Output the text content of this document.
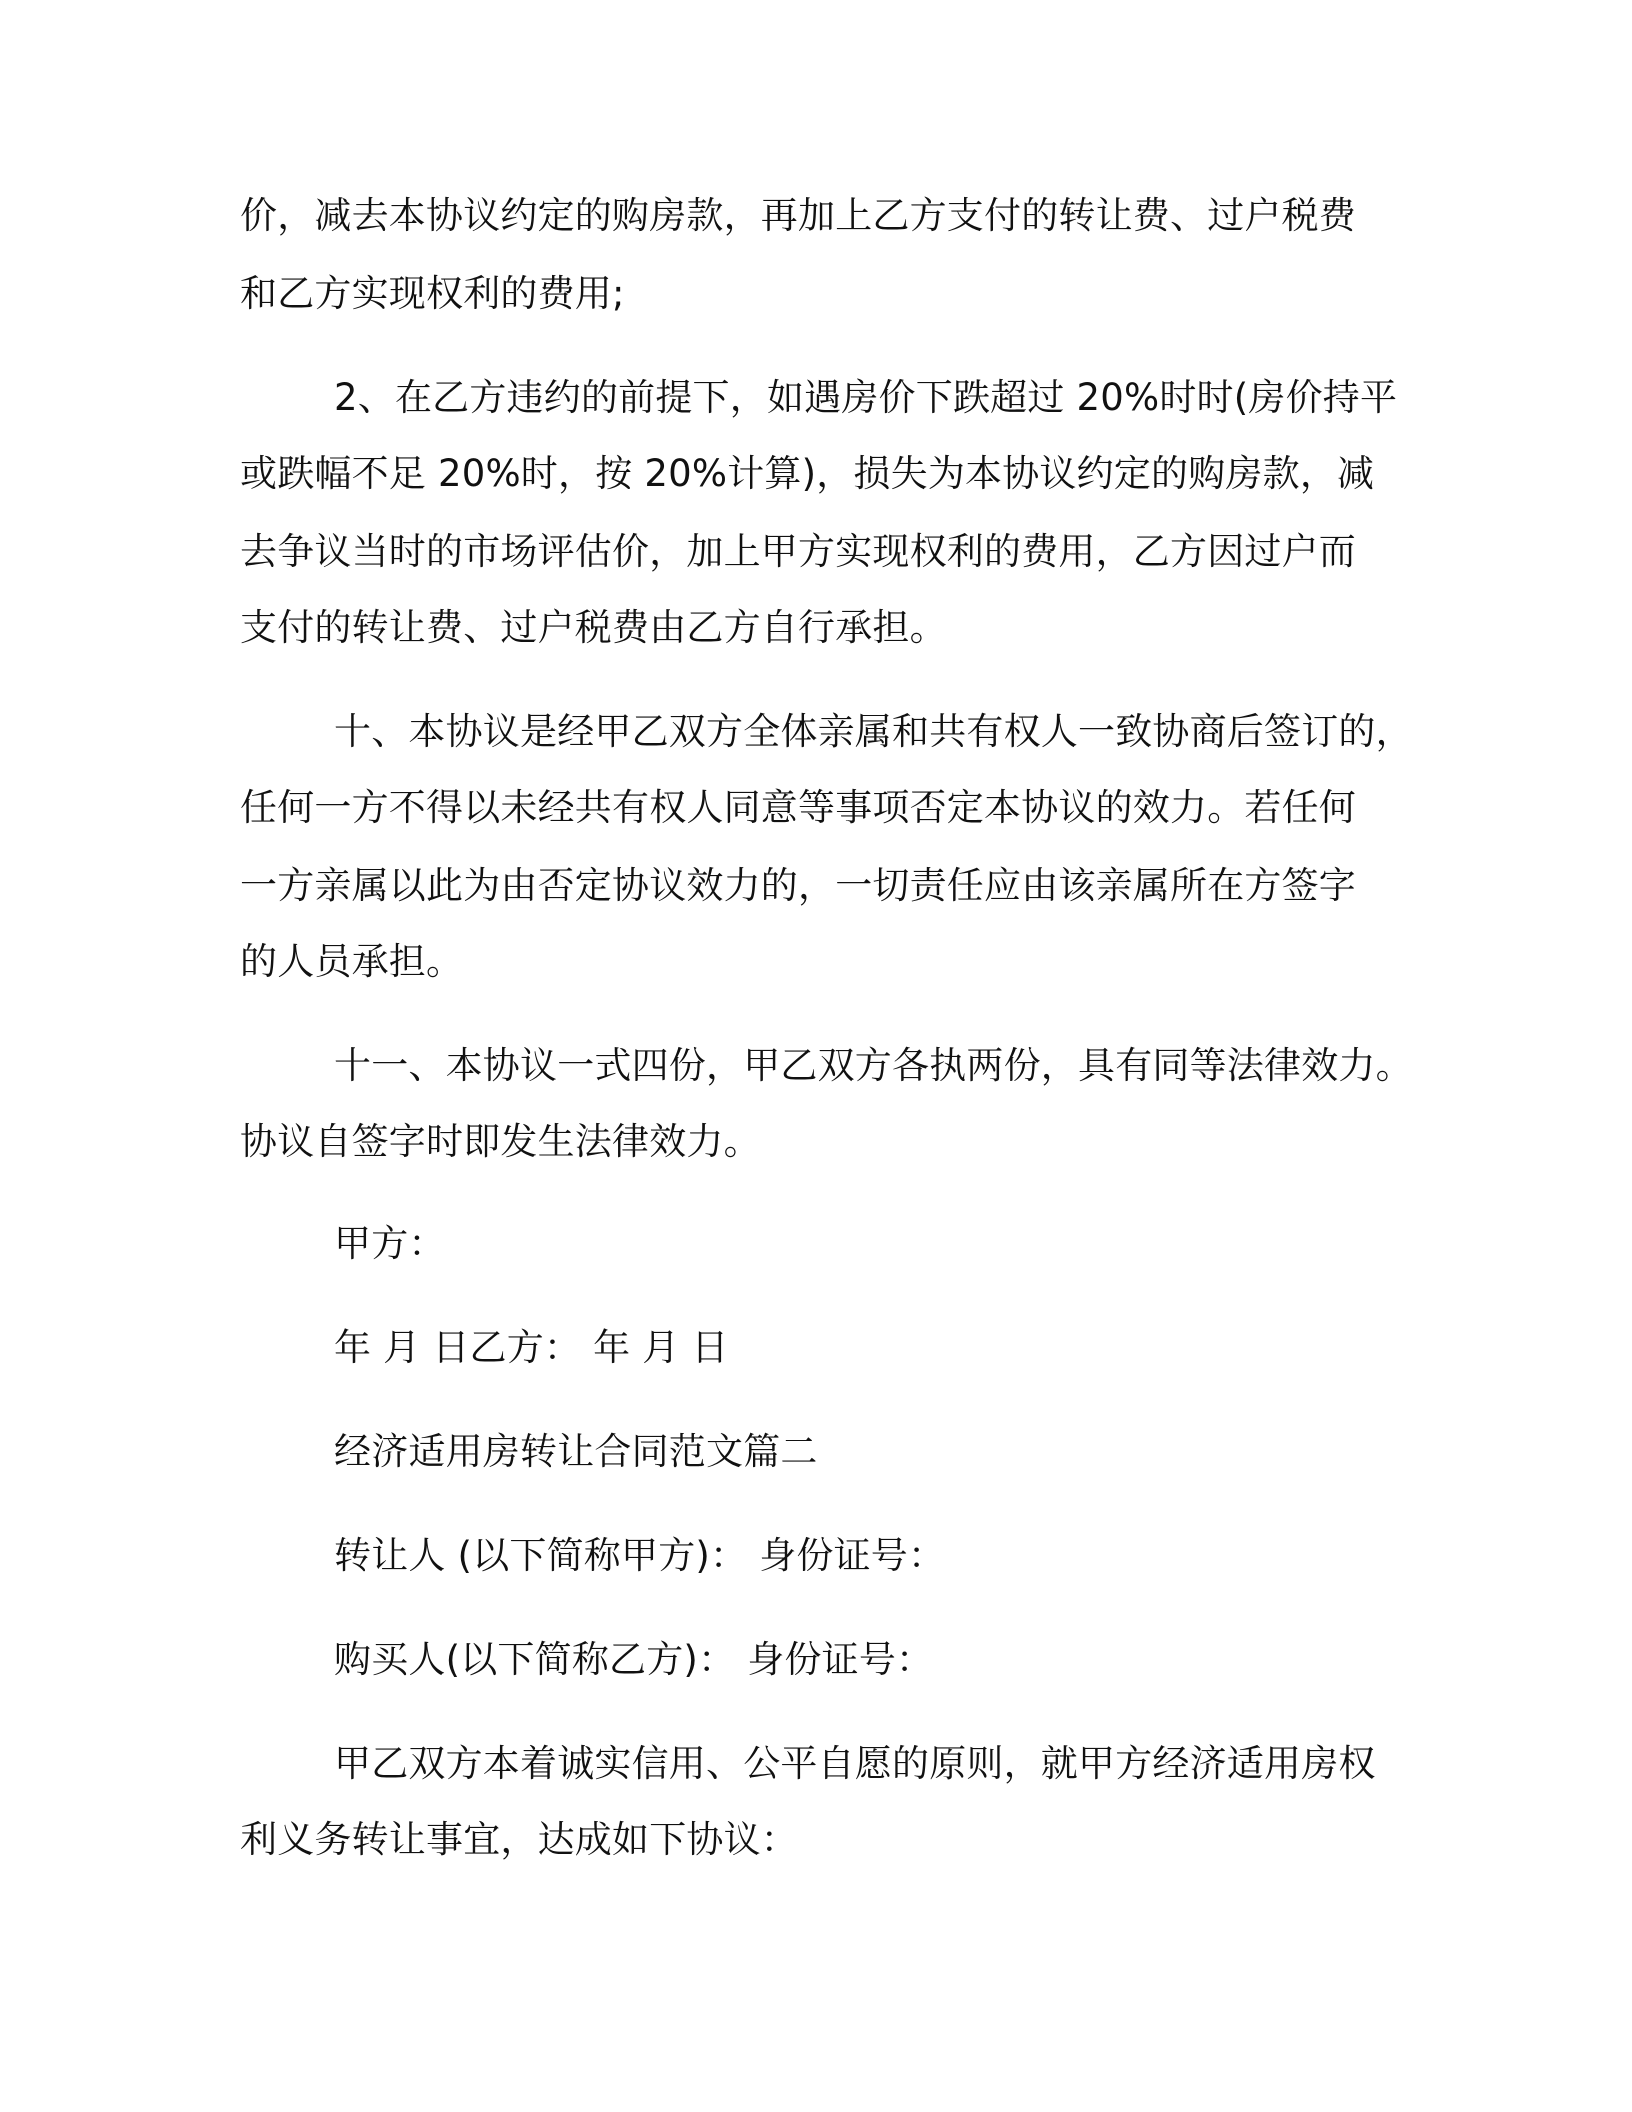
价，减去本协议约定的购房款，再加上乙方支付的转让费、过户税费
和乙方实现权利的费用;
2、在乙方违约的前提下，如遇房价下跌超过 20%时时(房价持平
或跌幅不足 20%时，按 20%计算)，损失为本协议约定的购房款，减
去争议当时的市场评估价，加上甲方实现权利的费用，乙方因过户而
支付的转让费、过户税费由乙方自行承担。
十、本协议是经甲乙双方全体亲属和共有权人一致协商后签订的，
任何一方不得以未经共有权人同意等事项否定本协议的效力。若任何
一方亲属以此为由否定协议效力的，一切责任应由该亲属所在方签字
的人员承担。
十一、本协议一式四份，甲乙双方各执两份，具有同等法律效力。
协议自签字时即发生法律效力。
甲方：
年 月 日乙方： 年 月 日
经济适用房转让合同范文篇二
转让人 (以下简称甲方)： 身份证号：
购买人(以下简称乙方)： 身份证号：
甲乙双方本着诚实信用、公平自愿的原则，就甲方经济适用房权
利义务转让事宜，达成如下协议：
